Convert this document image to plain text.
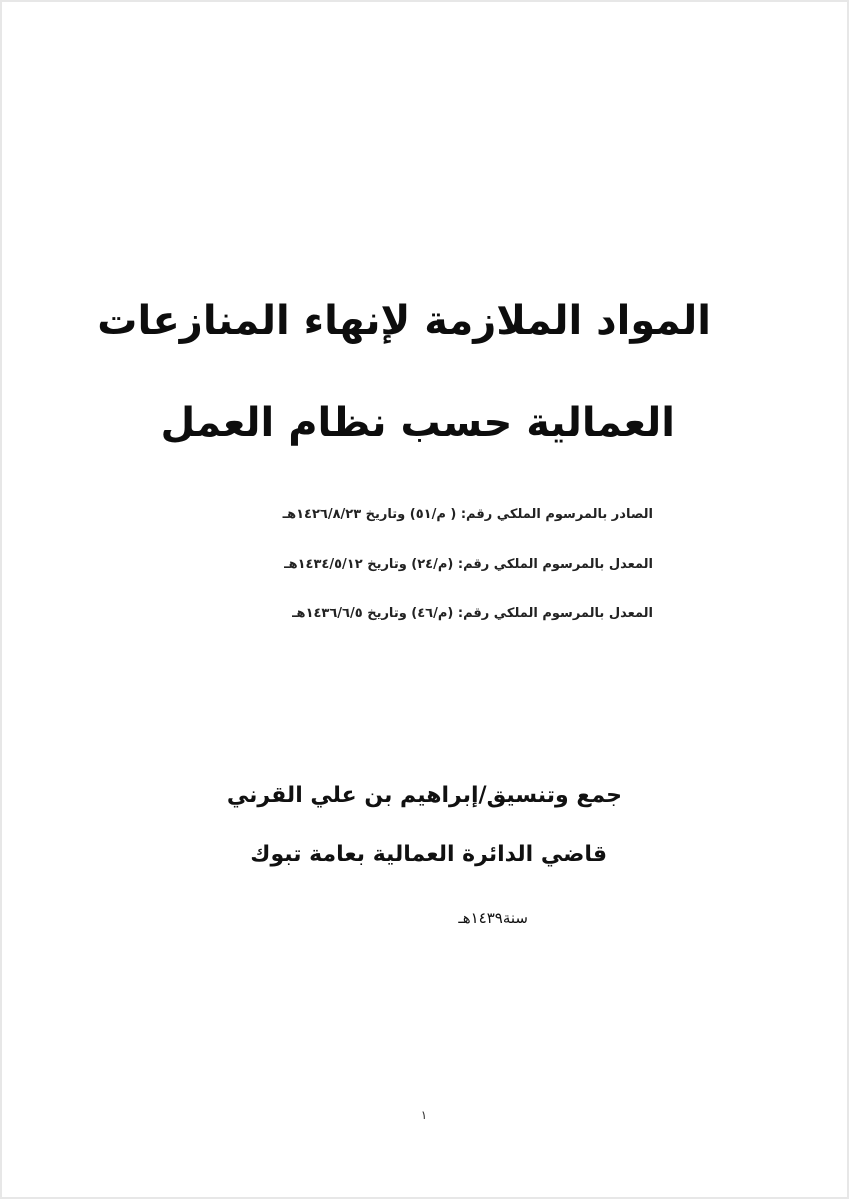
المواد الملازمة لإنهاء المنازعات
العمالية حسب نظام العمل
الصادر بالمرسوم الملكي رقم: ( م/٥١) وتاريخ ١٤٢٦/٨/٢٣هـ
المعدل بالمرسوم الملكي رقم: (م/٢٤) وتاريخ ١٤٣٤/٥/١٢هـ
المعدل بالمرسوم الملكي رقم: (م/٤٦) وتاريخ ١٤٣٦/٦/٥هـ
جمع وتنسيق/إبراهيم بن علي القرني
قاضي الدائرة العمالية بعامة تبوك
ﺳﻨﺔ١٤٣٩هـ
١
